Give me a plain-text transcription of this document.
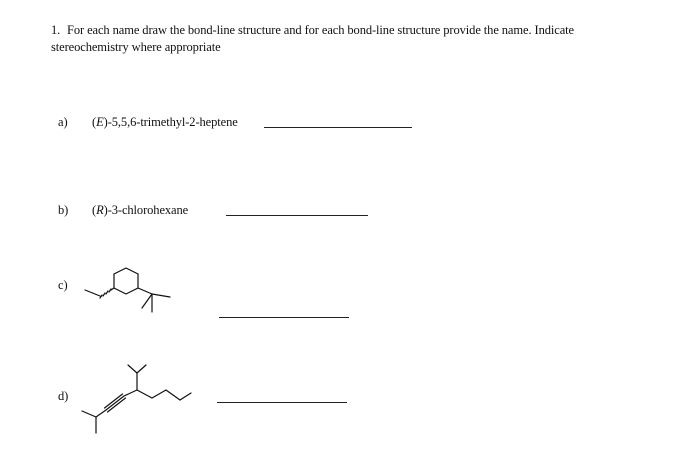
1. For each name draw the bond-line structure and for each bond-line structure provide the name. Indicate
stereochemistry where appropriate
a) (E)-5,5,6-trimethyl-2-heptene
b) (R)-3-chlorohexane
c)
d)
